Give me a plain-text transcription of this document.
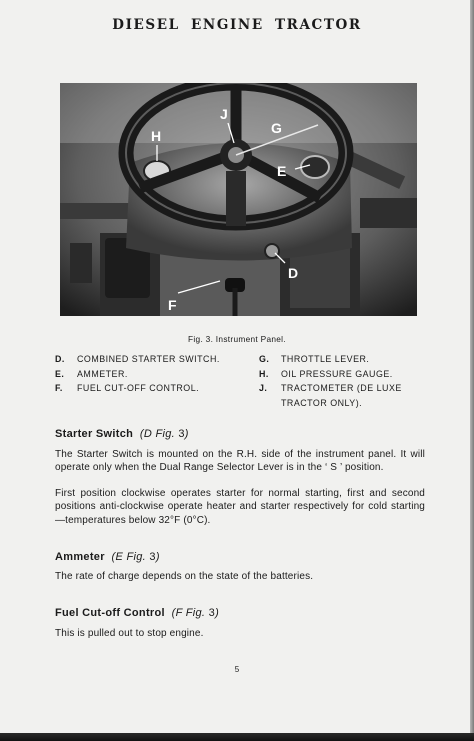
DIESEL ENGINE TRACTOR
H
J
G
E
D
F
Fig. 3. Instrument Panel.
D.	COMBINED STARTER SWITCH.
E.	AMMETER.
F.	FUEL CUT-OFF CONTROL.
G.	THROTTLE LEVER.
H.	OIL PRESSURE GAUGE.
J.	TRACTOMETER (DE LUXE TRACTOR ONLY).
Starter Switch (D Fig. 3)
The Starter Switch is mounted on the R.H. side of the instrument panel. It will operate only when the Dual Range Selector Lever is in the ‘ S ’ position.
First position clockwise operates starter for normal starting, first and second positions anti-clockwise operate heater and starter respectively for cold starting—temperatures below 32°F (0°C).
Ammeter (E Fig. 3)
The rate of charge depends on the state of the batteries.
Fuel Cut-off Control (F Fig. 3)
This is pulled out to stop engine.
5
